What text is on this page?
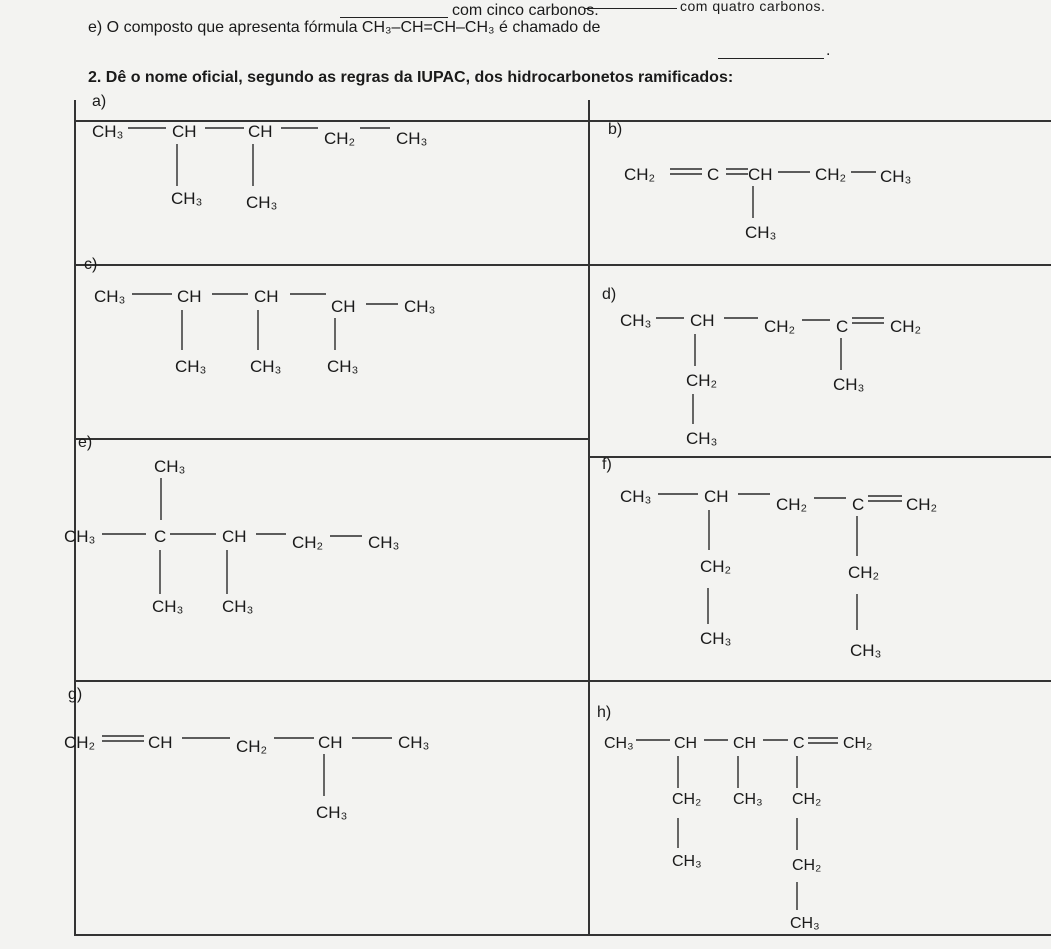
com quatro carbonos.
com cinco carbonos.
e) O composto que apresenta fórmula CH₃–CH=CH–CH₃ é chamado de
.
2. Dê o nome oficial, segundo as regras da IUPAC, dos hidrocarbonetos ramificados:
a)
b)
c)
d)
e)
f)
g)
h)
CH₃	CH	CH	CH₂ CH₃
CH₃	CH₃
CH₂	C CH CH₂ CH₃
CH₃
CH₃	CH	CH
CH	CH₃
CH₃	CH₃	CH₃
CH₃ CH	CH₂ C CH₂
CH₂
CH₃
CH₃
CH₃
CH₃	C	CH	CH₂	CH₃
CH₃ CH₃
CH₃	CH	CH₂	C CH₂
CH₂
CH₃
CH₂
CH₃
CH₂	CH	CH₂	CH	CH₃
CH₃
CH₃	CH CH C CH₂
CH₂
CH₃
CH₃ CH₂
CH₂
CH₃
